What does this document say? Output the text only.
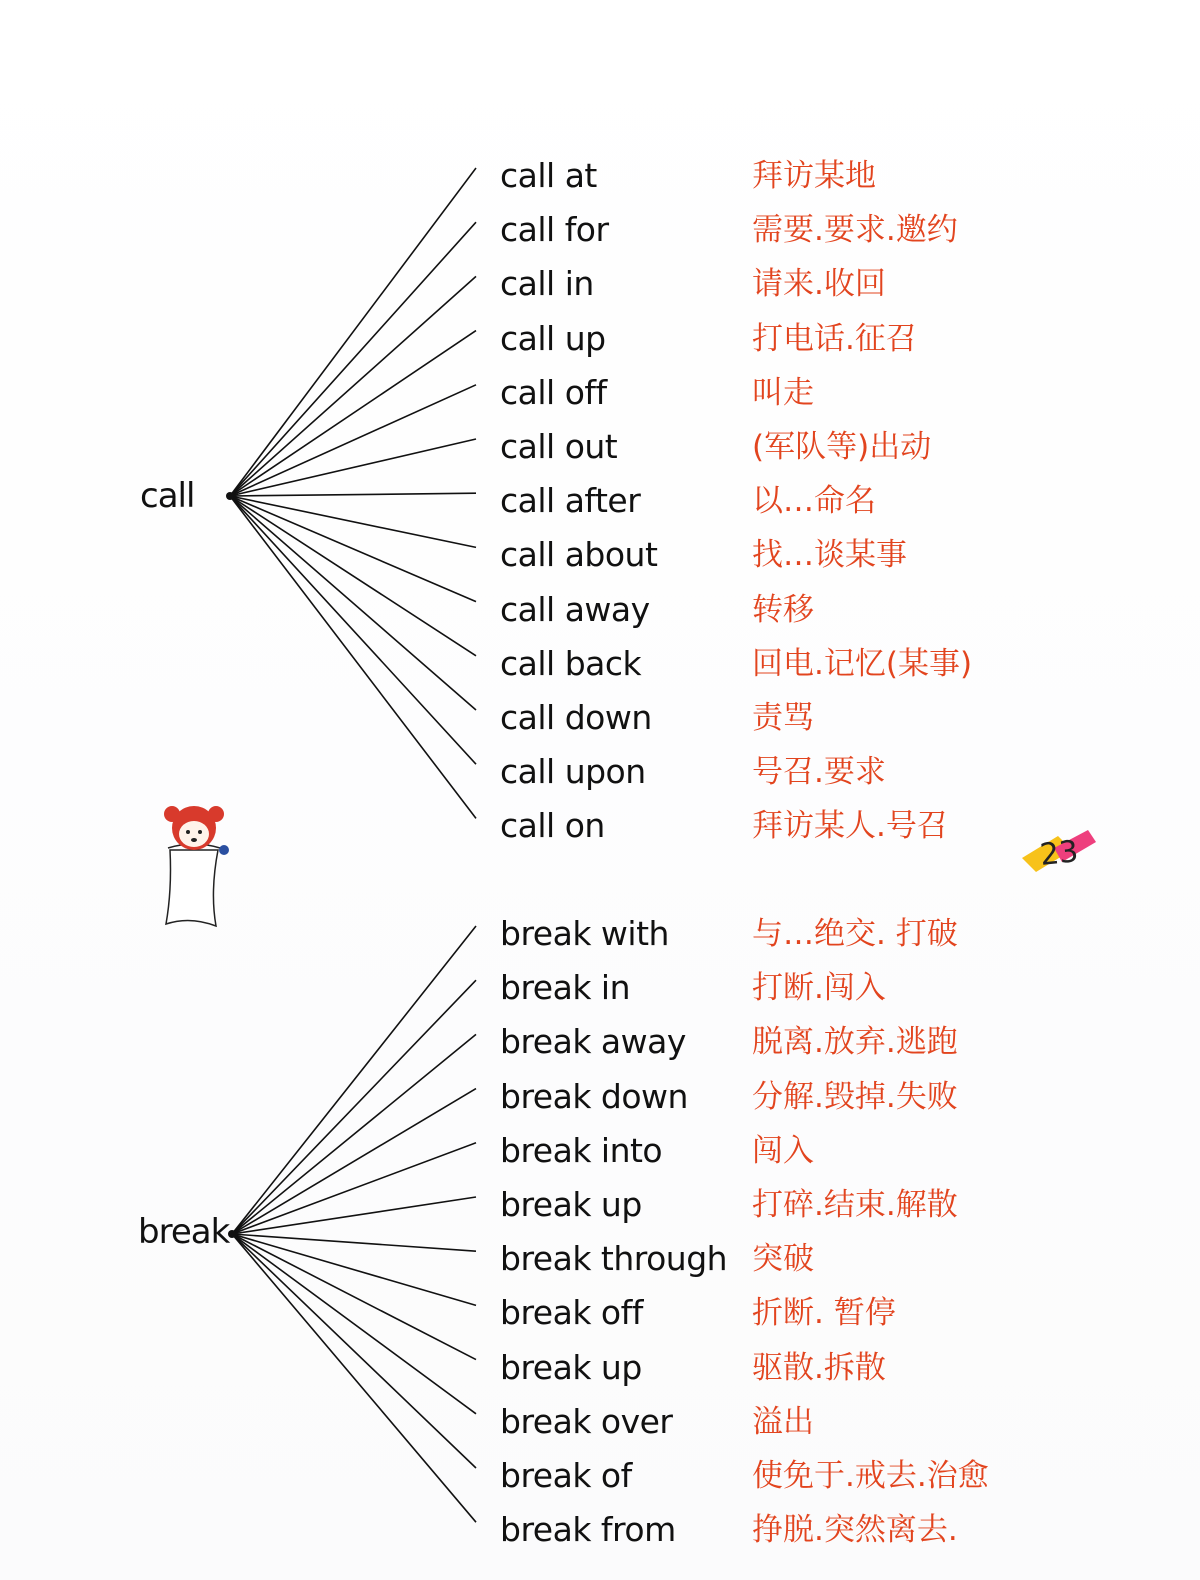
call
break
call at	拜访某地
call for	需要.要求.邀约
call in	请来.收回
call up	打电话.征召
call off	叫走
call out	(军队等)出动
call after	以…命名
call about	找…谈某事
call away	转移
call back	回电.记忆(某事)
call down	责骂
call upon	号召.要求
call on	拜访某人.号召
break with	与…绝交. 打破
break in	打断.闯入
break away 脱离.放弃.逃跑
break down 分解.毁掉.失败
break into	闯入
break up	打碎.结束.解散
break through 突破
break off	折断. 暂停
break up	驱散.拆散
break over	溢出
break of	使免于.戒去.治愈
break from 挣脱.突然离去.
23
